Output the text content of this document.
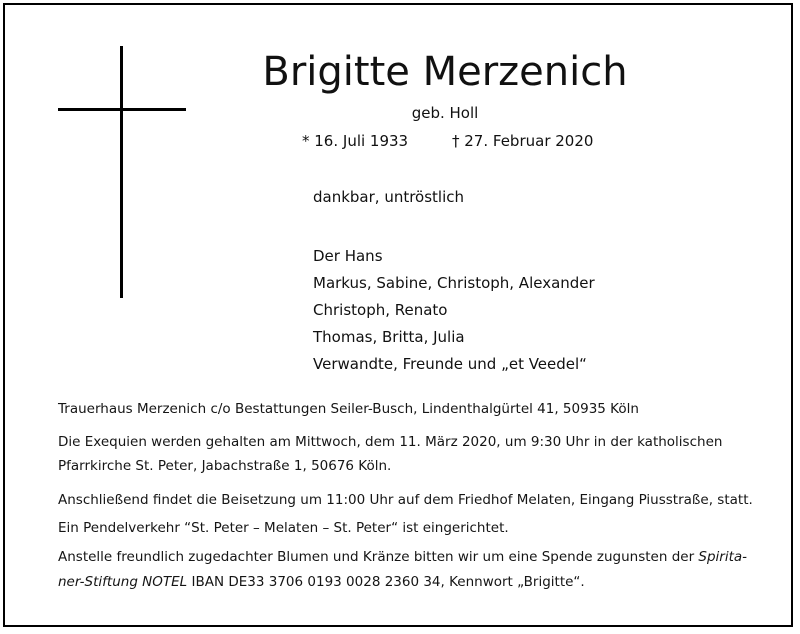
Brigitte Merzenich
geb. Holl
* 16. Juli 1933	† 27. Februar 2020
dankbar, untröstlich
Der Hans
Markus, Sabine, Christoph, Alexander
Christoph, Renato
Thomas, Britta, Julia
Verwandte, Freunde und „et Veedel“
Trauerhaus Merzenich c/o Bestattungen Seiler-Busch, Lindenthalgürtel 41, 50935 Köln
Die Exequien werden gehalten am Mittwoch, dem 11. März 2020, um 9:30 Uhr in der katholischen
Pfarrkirche St. Peter, Jabachstraße 1, 50676 Köln.
Anschließend findet die Beisetzung um 11:00 Uhr auf dem Friedhof Melaten, Eingang Piusstraße, statt.
Ein Pendelverkehr “St. Peter – Melaten – St. Peter“ ist eingerichtet.
Anstelle freundlich zugedachter Blumen und Kränze bitten wir um eine Spende zugunsten der Spirita-
ner-Stiftung NOTEL IBAN DE33 3706 0193 0028 2360 34, Kennwort „Brigitte“.
